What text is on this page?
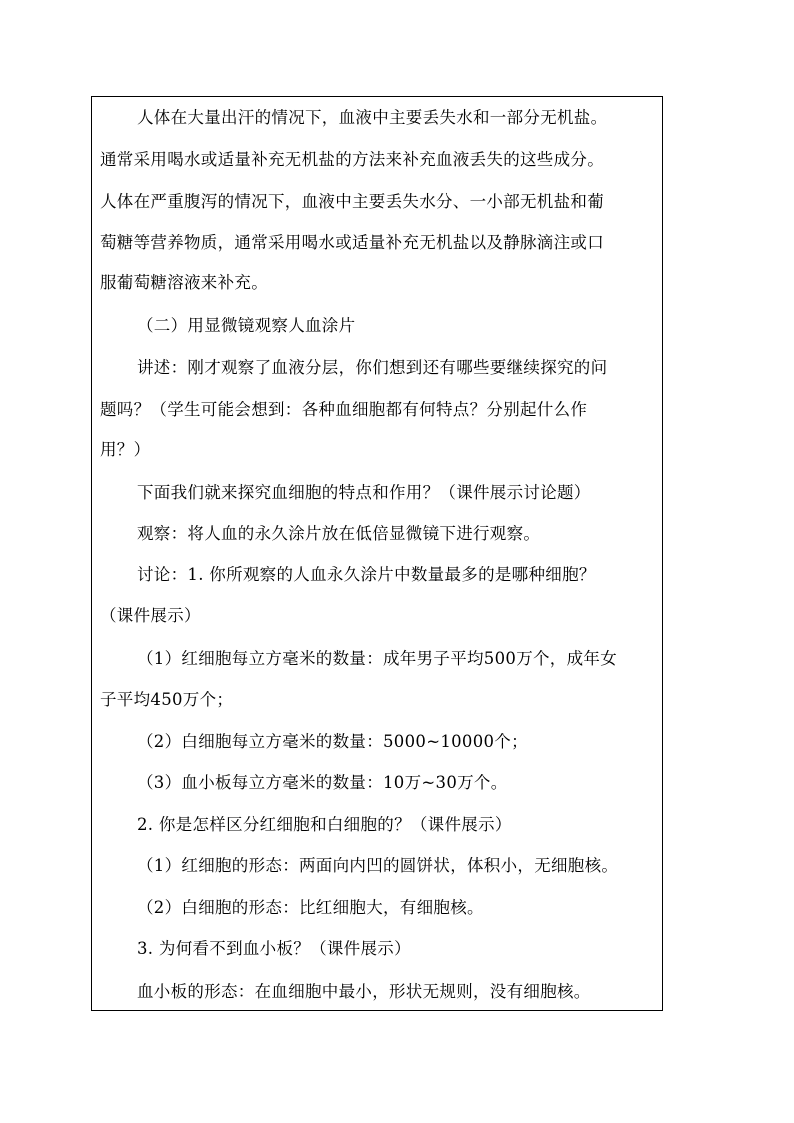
人体在大量出汗的情况下，血液中主要丢失水和一部分无机盐。
通常采用喝水或适量补充无机盐的方法来补充血液丢失的这些成分。
人体在严重腹泻的情况下，血液中主要丢失水分、一小部无机盐和葡
萄糖等营养物质，通常采用喝水或适量补充无机盐以及静脉滴注或口
服葡萄糖溶液来补充。
（二）用显微镜观察人血涂片
讲述：刚才观察了血液分层，你们想到还有哪些要继续探究的问
题吗？（学生可能会想到：各种血细胞都有何特点？分别起什么作
用？）
下面我们就来探究血细胞的特点和作用？（课件展示讨论题）
观察：将人血的永久涂片放在低倍显微镜下进行观察。
讨论：1. 你所观察的人血永久涂片中数量最多的是哪种细胞？
（课件展示）
（1）红细胞每立方毫米的数量：成年男子平均500万个，成年女
子平均450万个；
（2）白细胞每立方毫米的数量：5000~10000个；
（3）血小板每立方毫米的数量：10万~30万个。
2. 你是怎样区分红细胞和白细胞的？（课件展示）
（1）红细胞的形态：两面向内凹的圆饼状，体积小，无细胞核。
（2）白细胞的形态：比红细胞大，有细胞核。
3. 为何看不到血小板？（课件展示）
血小板的形态：在血细胞中最小，形状无规则，没有细胞核。
